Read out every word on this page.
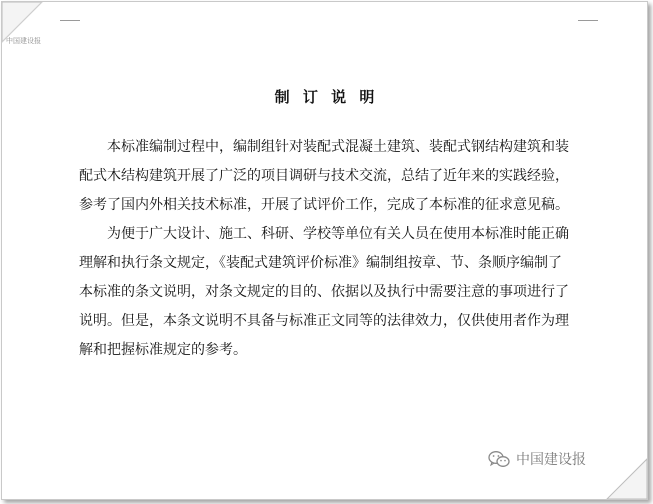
中国建设报
制 订 说 明

本标准编制过程中，编制组针对装配式混凝土建筑、装配式钢结构建筑和装
配式木结构建筑开展了广泛的项目调研与技术交流，总结了近年来的实践经验，
参考了国内外相关技术标准，开展了试评价工作，完成了本标准的征求意见稿。

为便于广大设计、施工、科研、学校等单位有关人员在使用本标准时能正确
理解和执行条文规定，《装配式建筑评价标准》编制组按章、节、条顺序编制了
本标准的条文说明，对条文规定的目的、依据以及执行中需要注意的事项进行了
说明。但是，本条文说明不具备与标准正文同等的法律效力，仅供使用者作为理
解和把握标准规定的参考。

中国建设报
